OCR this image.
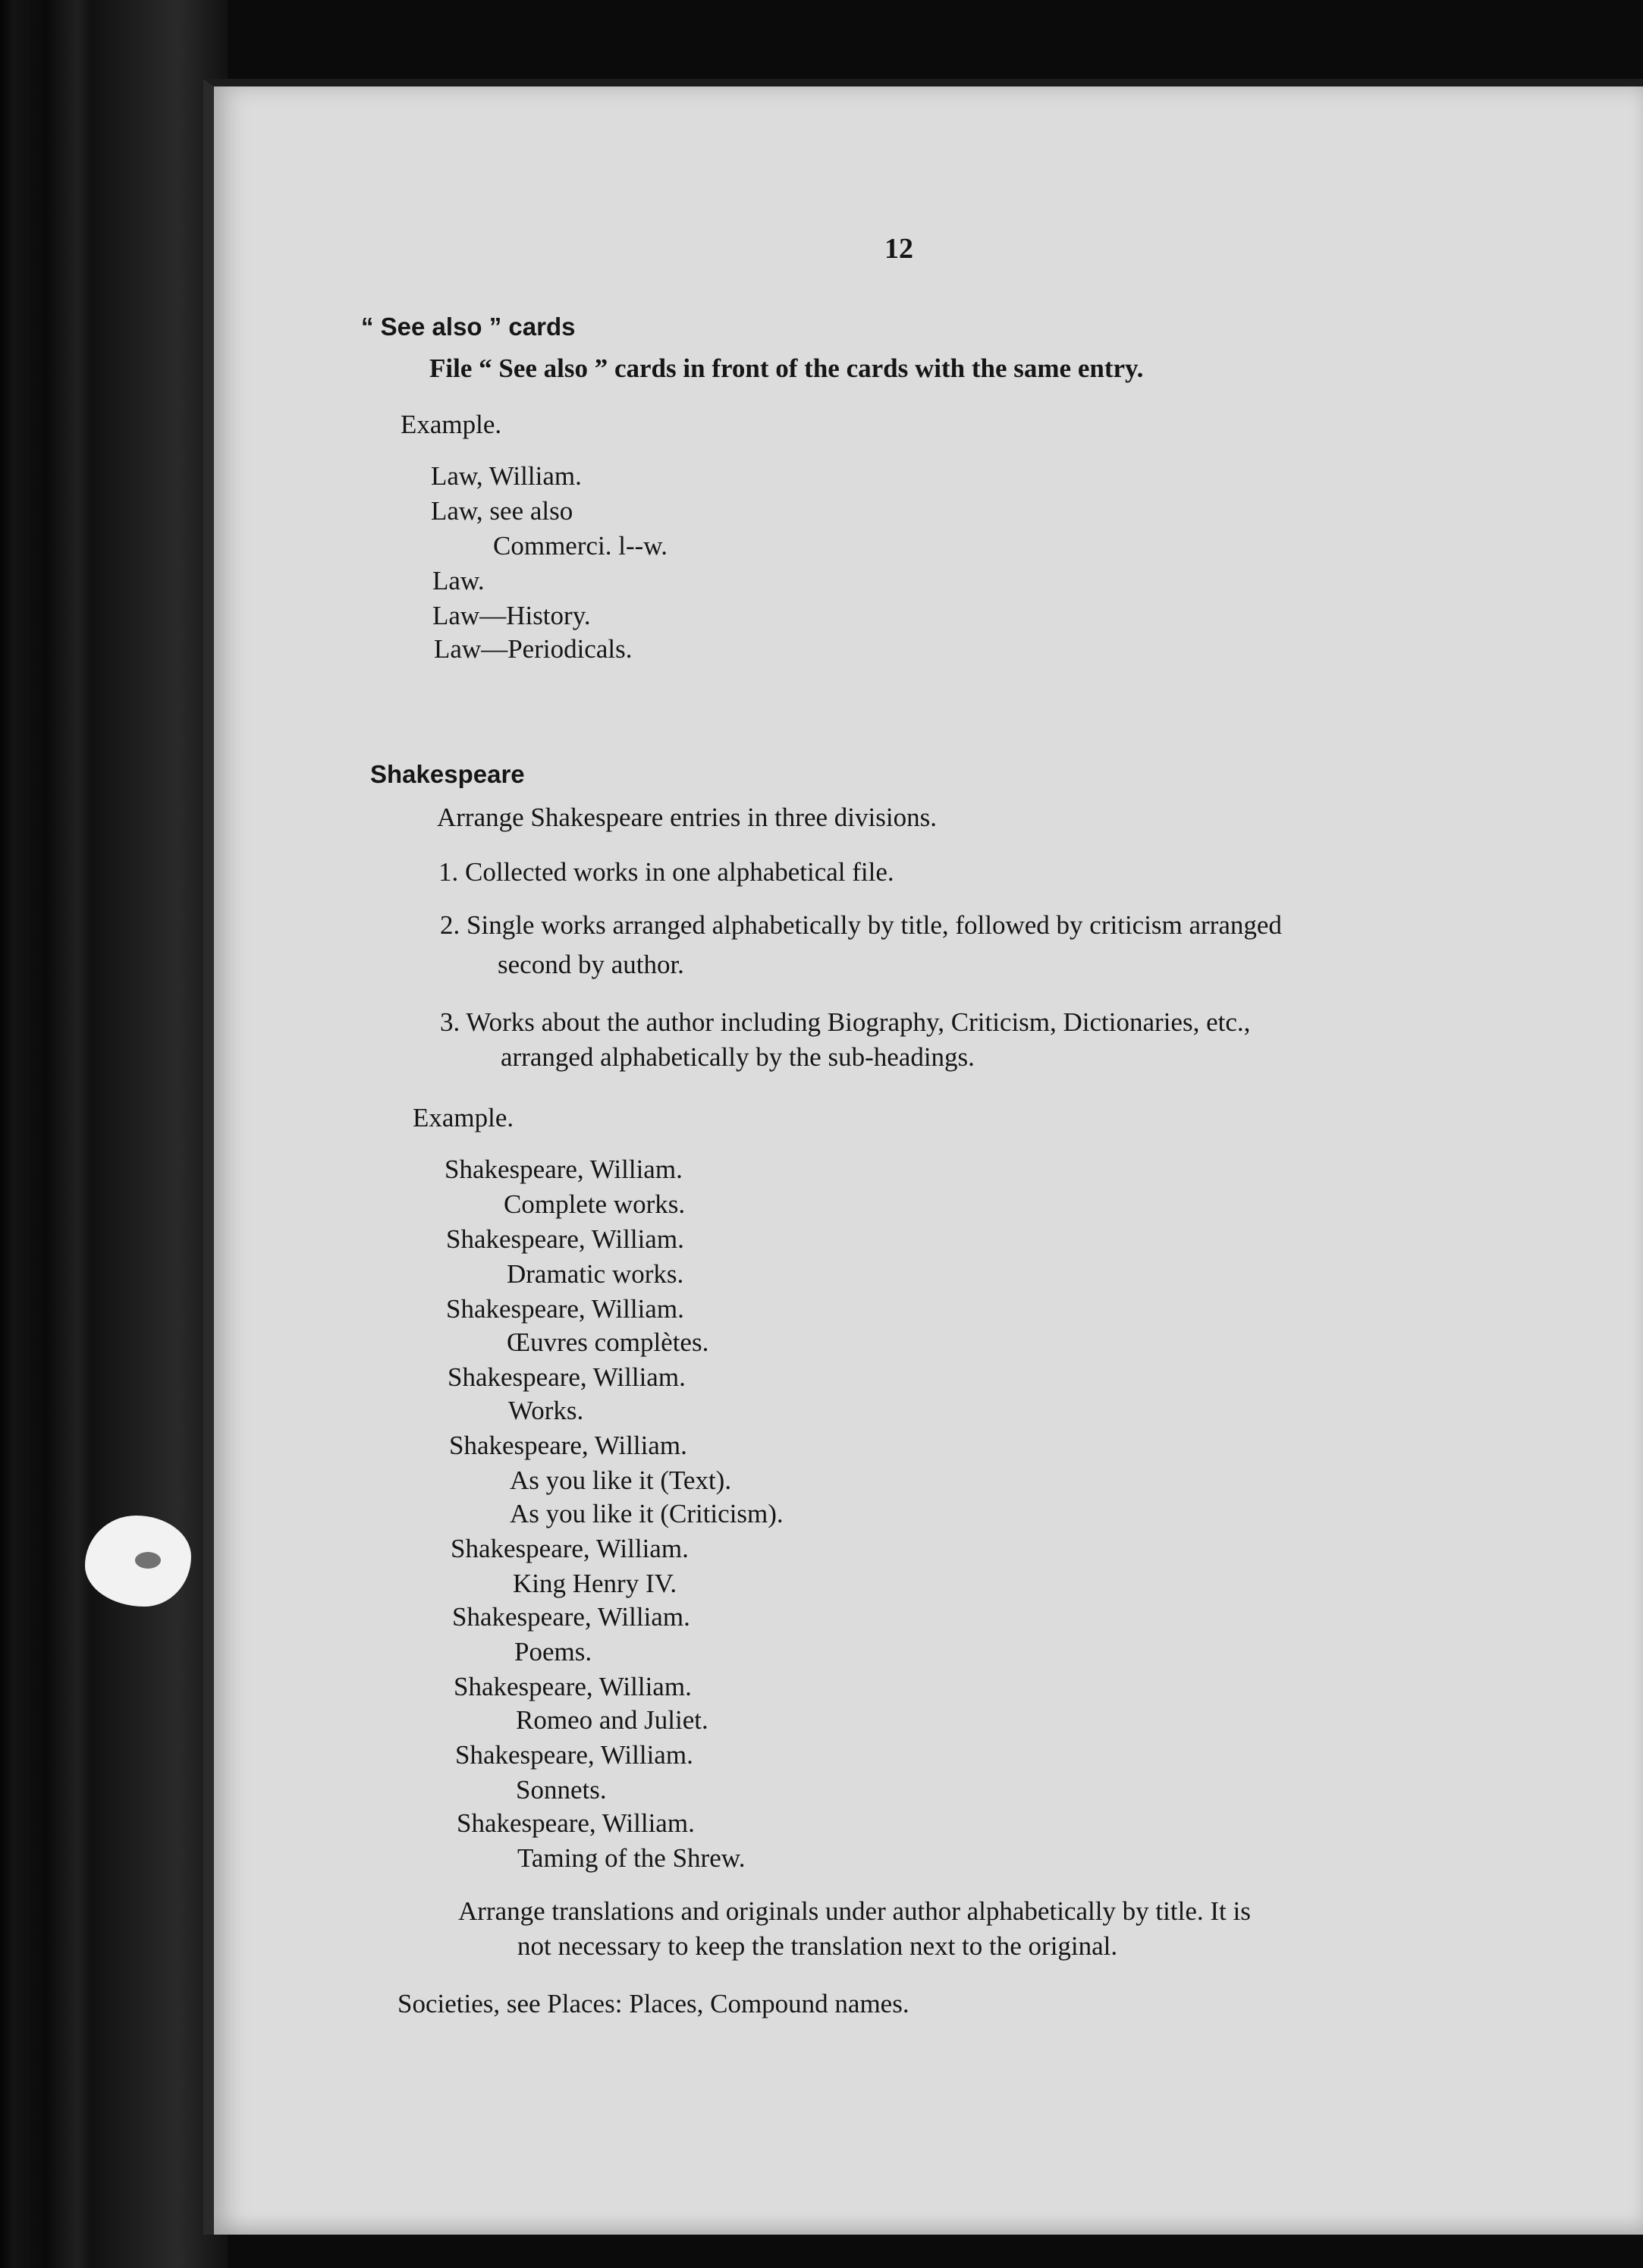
12
“ See also ” cards
File “ See also ” cards in front of the cards with the same entry.
Example.
Law, William.
Law, see also
Commerci. l--w.
Law.
Law—History.
Law—Periodicals.
Shakespeare
Arrange Shakespeare entries in three divisions.
1. Collected works in one alphabetical file.
2. Single works arranged alphabetically by title, followed by criticism arranged
second by author.
3. Works about the author including Biography, Criticism, Dictionaries, etc.,
arranged alphabetically by the sub-headings.
Example.
Shakespeare, William.
Complete works.
Shakespeare, William.
Dramatic works.
Shakespeare, William.
Œuvres complètes.
Shakespeare, William.
Works.
Shakespeare, William.
As you like it (Text).
As you like it (Criticism).
Shakespeare, William.
King Henry IV.
Shakespeare, William.
Poems.
Shakespeare, William.
Romeo and Juliet.
Shakespeare, William.
Sonnets.
Shakespeare, William.
Taming of the Shrew.
Arrange translations and originals under author alphabetically by title. It is
not necessary to keep the translation next to the original.
Societies, see Places: Places, Compound names.
